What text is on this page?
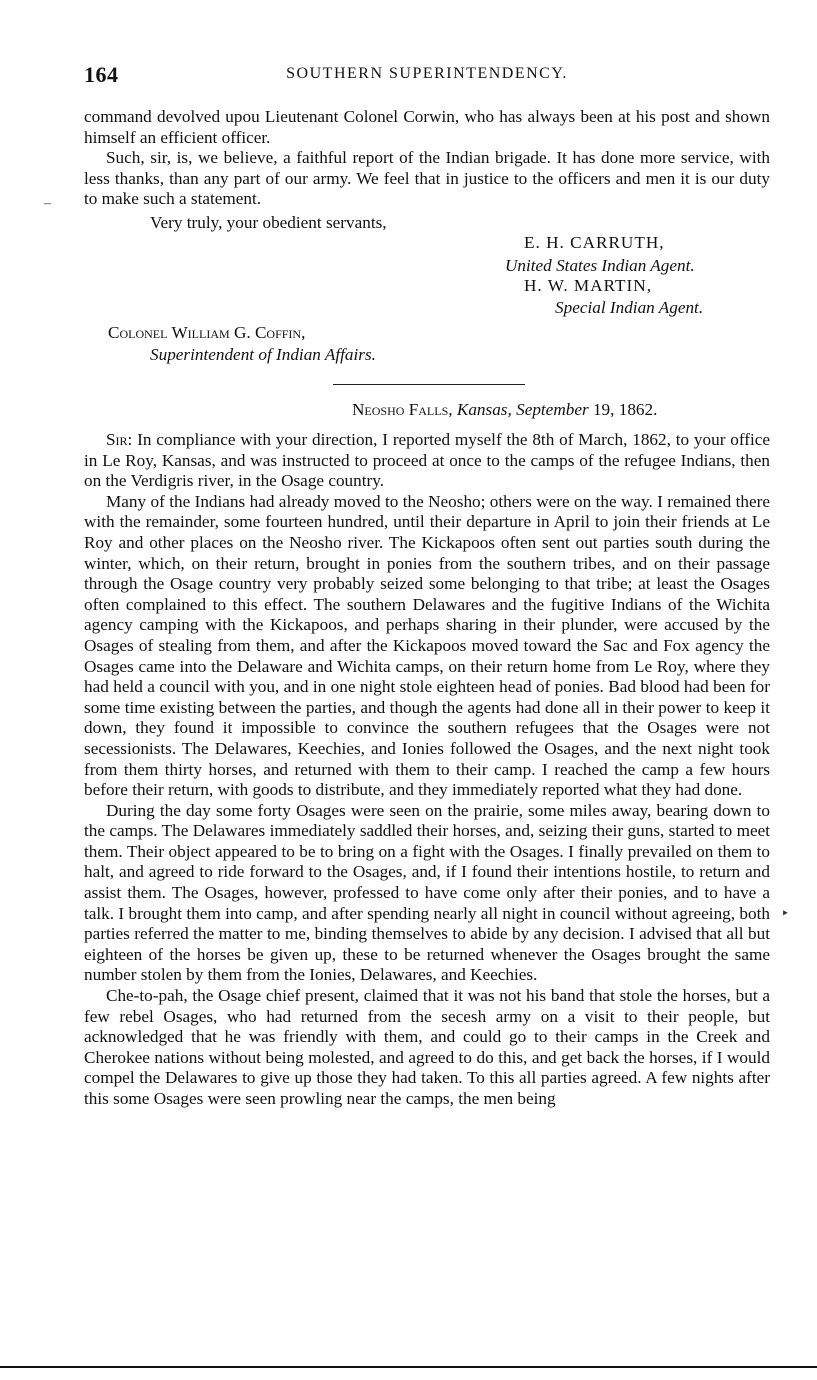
164	SOUTHERN SUPERINTENDENCY.

command devolved upou Lieutenant Colonel Corwin, who has always been at his post and shown himself an efficient officer.

Such, sir, is, we believe, a faithful report of the Indian brigade. It has done more service, with less thanks, than any part of our army. We feel that in justice to the officers and men it is our duty to make such a statement.

Very truly, your obedient servants,
E. H. CARRUTH,
United States Indian Agent.
H. W. MARTIN,
Special Indian Agent.
Colonel William G. Coffin,
Superintendent of Indian Affairs.
Neosho Falls, Kansas, September 19, 1862.

Sir: In compliance with your direction, I reported myself the 8th of March, 1862, to your office in Le Roy, Kansas, and was instructed to proceed at once to the camps of the refugee Indians, then on the Verdigris river, in the Osage country.

Many of the Indians had already moved to the Neosho; others were on the way. I remained there with the remainder, some fourteen hundred, until their departure in April to join their friends at Le Roy and other places on the Neosho river. The Kickapoos often sent out parties south during the winter, which, on their return, brought in ponies from the southern tribes, and on their passage through the Osage country very probably seized some belonging to that tribe; at least the Osages often complained to this effect. The southern Delawares and the fugitive Indians of the Wichita agency camping with the Kickapoos, and perhaps sharing in their plunder, were accused by the Osages of stealing from them, and after the Kickapoos moved toward the Sac and Fox agency the Osages came into the Delaware and Wichita camps, on their return home from Le Roy, where they had held a council with you, and in one night stole eighteen head of ponies. Bad blood had been for some time existing between the parties, and though the agents had done all in their power to keep it down, they found it impossible to convince the southern refugees that the Osages were not secessionists. The Delawares, Keechies, and Ionies followed the Osages, and the next night took from them thirty horses, and returned with them to their camp. I reached the camp a few hours before their return, with goods to distribute, and they immediately reported what they had done.

During the day some forty Osages were seen on the prairie, some miles away, bearing down to the camps. The Delawares immediately saddled their horses, and, seizing their guns, started to meet them. Their object appeared to be to bring on a fight with the Osages. I finally prevailed on them to halt, and agreed to ride forward to the Osages, and, if I found their intentions hostile, to return and assist them. The Osages, however, professed to have come only after their ponies, and to have a talk. I brought them into camp, and after spending nearly all night in council without agreeing, both parties referred the matter to me, binding themselves to abide by any decision. I advised that all but eighteen of the horses be given up, these to be returned whenever the Osages brought the same number stolen by them from the Ionies, Delawares, and Keechies.

Che-to-pah, the Osage chief present, claimed that it was not his band that stole the horses, but a few rebel Osages, who had returned from the secesh army on a visit to their people, but acknowledged that he was friendly with them, and could go to their camps in the Creek and Cherokee nations without being molested, and agreed to do this, and get back the horses, if I would compel the Delawares to give up those they had taken. To this all parties agreed. A few nights after this some Osages were seen prowling near the camps, the men being

–
‣
